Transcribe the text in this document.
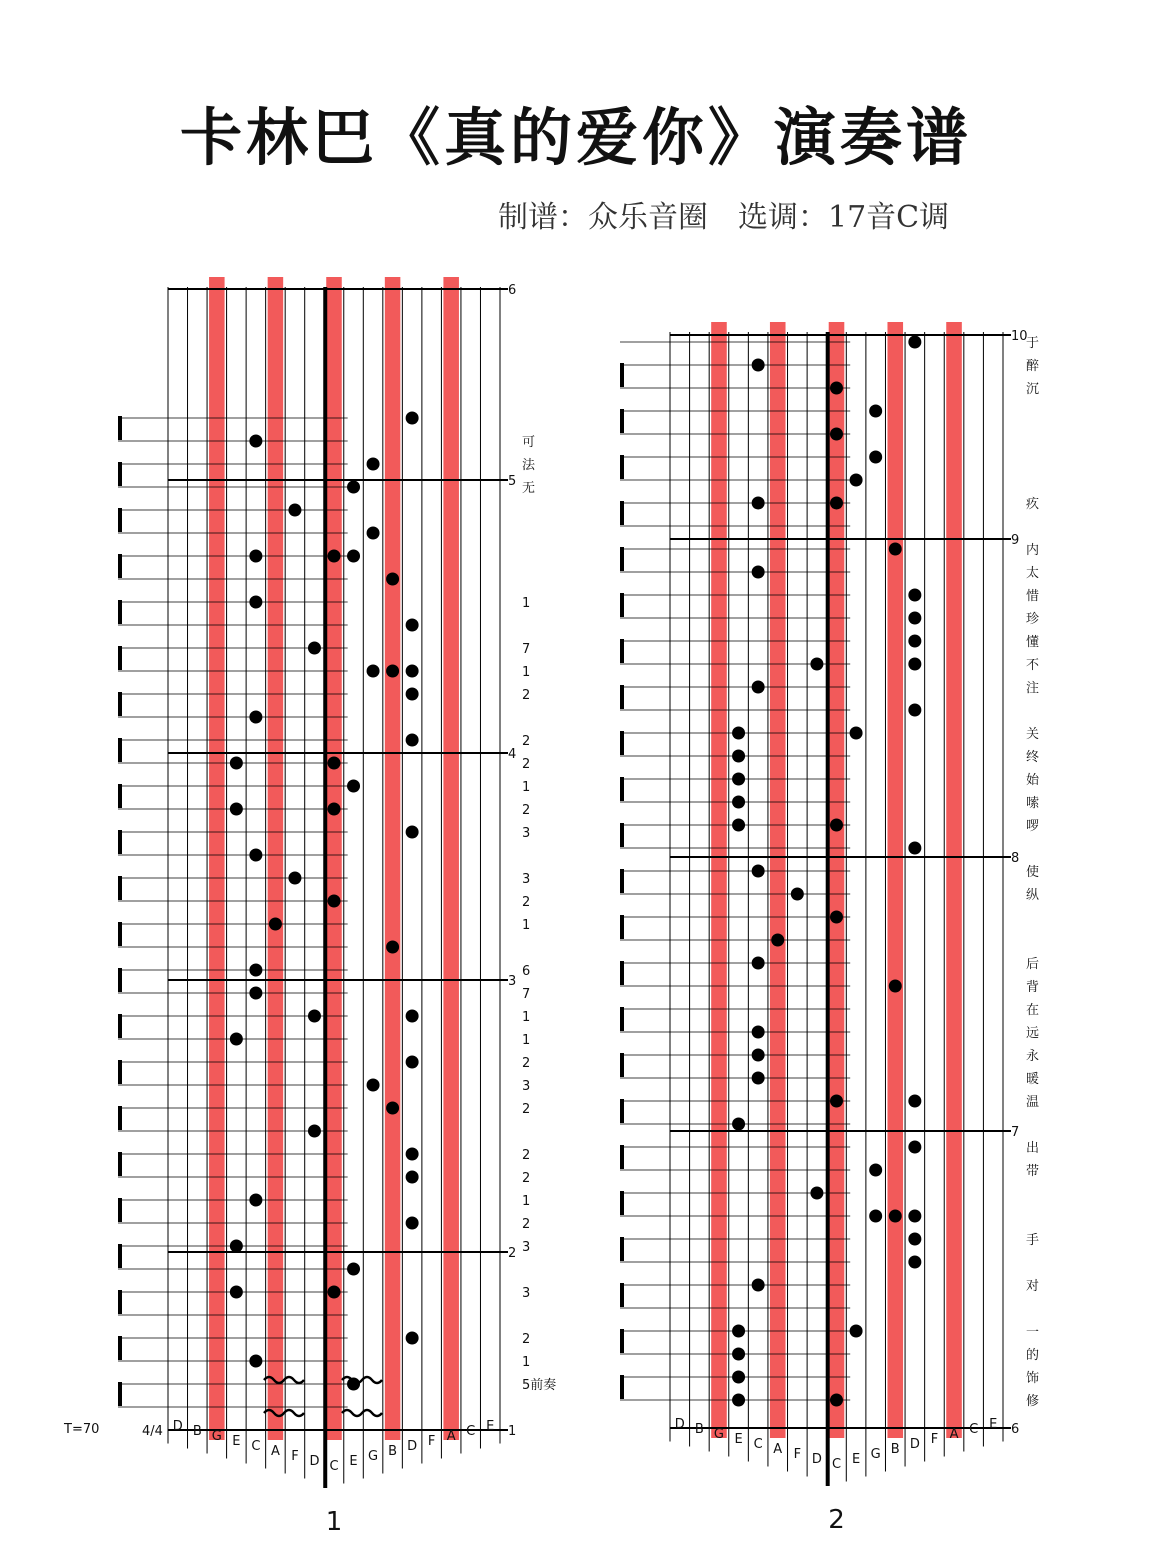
卡林巴《真的爱你》演奏谱
制谱：众乐音圈　选调：17音C调
1
2
3
4
5
6
5前奏
1
2
3
3
2
1
2
2
2
3
2
1
1
7
6
1
2
3
3
2
1
2
2
2
1
7
1
无
法
可
D B G E C A F D C E G B D F A C E
1
6
7
8
9
10
修
饰
的
一
对
手
带
出
温
暖
永
远
在
背
后
纵
使
啰
嗦
始
终
关
注
不
懂
珍
惜
太
内
疚
沉
醉
于
D B G E C A F D C E G B D F A C E
2
T=70	4/4
